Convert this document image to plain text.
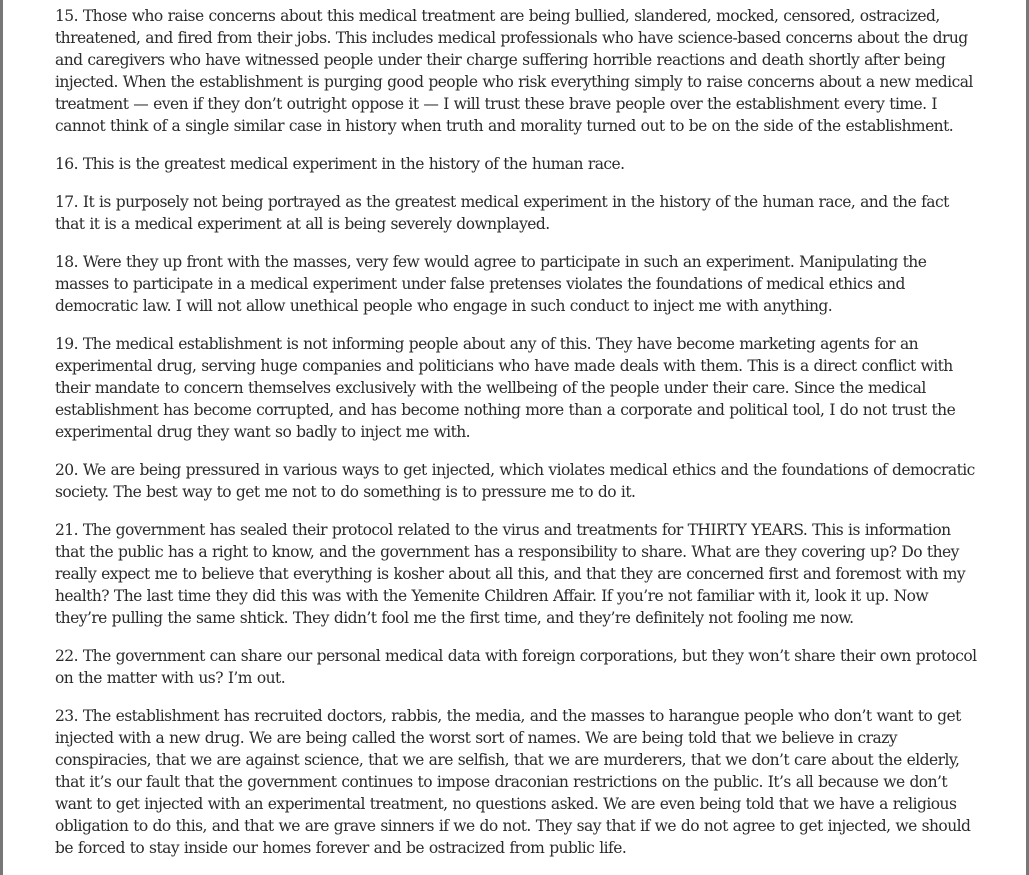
15. Those who raise concerns about this medical treatment are being bullied, slandered, mocked, censored, ostracized, threatened, and fired from their jobs. This includes medical professionals who have science-based concerns about the drug and caregivers who have witnessed people under their charge suffering horrible reactions and death shortly after being injected. When the establishment is purging good people who risk everything simply to raise concerns about a new medical treatment — even if they don’t outright oppose it — I will trust these brave people over the establishment every time. I cannot think of a single similar case in history when truth and morality turned out to be on the side of the establishment.

16. This is the greatest medical experiment in the history of the human race.

17. It is purposely not being portrayed as the greatest medical experiment in the history of the human race, and the fact that it is a medical experiment at all is being severely downplayed.

18. Were they up front with the masses, very few would agree to participate in such an experiment. Manipulating the masses to participate in a medical experiment under false pretenses violates the foundations of medical ethics and democratic law. I will not allow unethical people who engage in such conduct to inject me with anything.

19. The medical establishment is not informing people about any of this. They have become marketing agents for an experimental drug, serving huge companies and politicians who have made deals with them. This is a direct conflict with their mandate to concern themselves exclusively with the wellbeing of the people under their care. Since the medical establishment has become corrupted, and has become nothing more than a corporate and political tool, I do not trust the experimental drug they want so badly to inject me with.

20. We are being pressured in various ways to get injected, which violates medical ethics and the foundations of democratic society. The best way to get me not to do something is to pressure me to do it.

21. The government has sealed their protocol related to the virus and treatments for THIRTY YEARS. This is information that the public has a right to know, and the government has a responsibility to share. What are they covering up? Do they really expect me to believe that everything is kosher about all this, and that they are concerned first and foremost with my health? The last time they did this was with the Yemenite Children Affair. If you’re not familiar with it, look it up. Now they’re pulling the same shtick. They didn’t fool me the first time, and they’re definitely not fooling me now.

22. The government can share our personal medical data with foreign corporations, but they won’t share their own protocol on the matter with us? I’m out.

23. The establishment has recruited doctors, rabbis, the media, and the masses to harangue people who don’t want to get injected with a new drug. We are being called the worst sort of names. We are being told that we believe in crazy conspiracies, that we are against science, that we are selfish, that we are murderers, that we don’t care about the elderly, that it’s our fault that the government continues to impose draconian restrictions on the public. It’s all because we don’t want to get injected with an experimental treatment, no questions asked. We are even being told that we have a religious obligation to do this, and that we are grave sinners if we do not. They say that if we do not agree to get injected, we should be forced to stay inside our homes forever and be ostracized from public life.
